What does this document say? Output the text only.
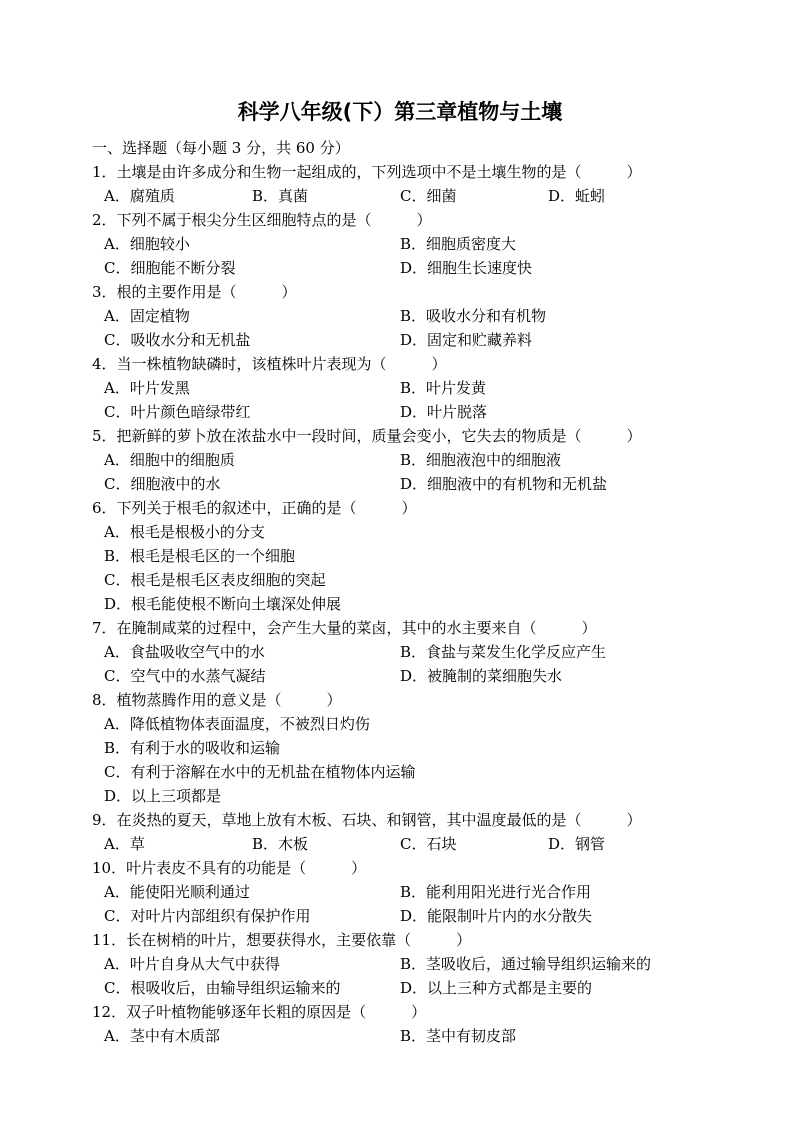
科学八年级(下）第三章植物与土壤
一、选择题（每小题 3 分，共 60 分）
1．土壤是由许多成分和生物一起组成的，下列选项中不是土壤生物的是（　　　）
A．腐殖质	B．真菌	C．细菌	D．蚯蚓
2．下列不属于根尖分生区细胞特点的是（　　　）
A．细胞较小	B．细胞质密度大
C．细胞能不断分裂	D．细胞生长速度快
3．根的主要作用是（　　　）
A．固定植物	B．吸收水分和有机物
C．吸收水分和无机盐	D．固定和贮藏养料
4．当一株植物缺磷时，该植株叶片表现为（　　　）
A．叶片发黑	B．叶片发黄
C．叶片颜色暗绿带红	D．叶片脱落
5．把新鲜的萝卜放在浓盐水中一段时间，质量会变小，它失去的物质是（　　　）
A．细胞中的细胞质	B．细胞液泡中的细胞液
C．细胞液中的水	D．细胞液中的有机物和无机盐
6．下列关于根毛的叙述中，正确的是（　　　）
A．根毛是根极小的分支
B．根毛是根毛区的一个细胞
C．根毛是根毛区表皮细胞的突起
D．根毛能使根不断向土壤深处伸展
7．在腌制咸菜的过程中，会产生大量的菜卤，其中的水主要来自（　　　）
A．食盐吸收空气中的水	B．食盐与菜发生化学反应产生
C．空气中的水蒸气凝结	D．被腌制的菜细胞失水
8．植物蒸腾作用的意义是（　　　）
A．降低植物体表面温度，不被烈日灼伤
B．有利于水的吸收和运输
C．有利于溶解在水中的无机盐在植物体内运输
D．以上三项都是
9．在炎热的夏天，草地上放有木板、石块、和钢管，其中温度最低的是（　　　）
A．草	B．木板	C．石块	D．钢管
10．叶片表皮不具有的功能是（　　　）
A．能使阳光顺利通过	B．能利用阳光进行光合作用
C．对叶片内部组织有保护作用	D．能限制叶片内的水分散失
11．长在树梢的叶片，想要获得水，主要依靠（　　　）
A．叶片自身从大气中获得	B．茎吸收后，通过输导组织运输来的
C．根吸收后，由输导组织运输来的	D．以上三种方式都是主要的
12．双子叶植物能够逐年长粗的原因是（　　　）
A．茎中有木质部	B．茎中有韧皮部
